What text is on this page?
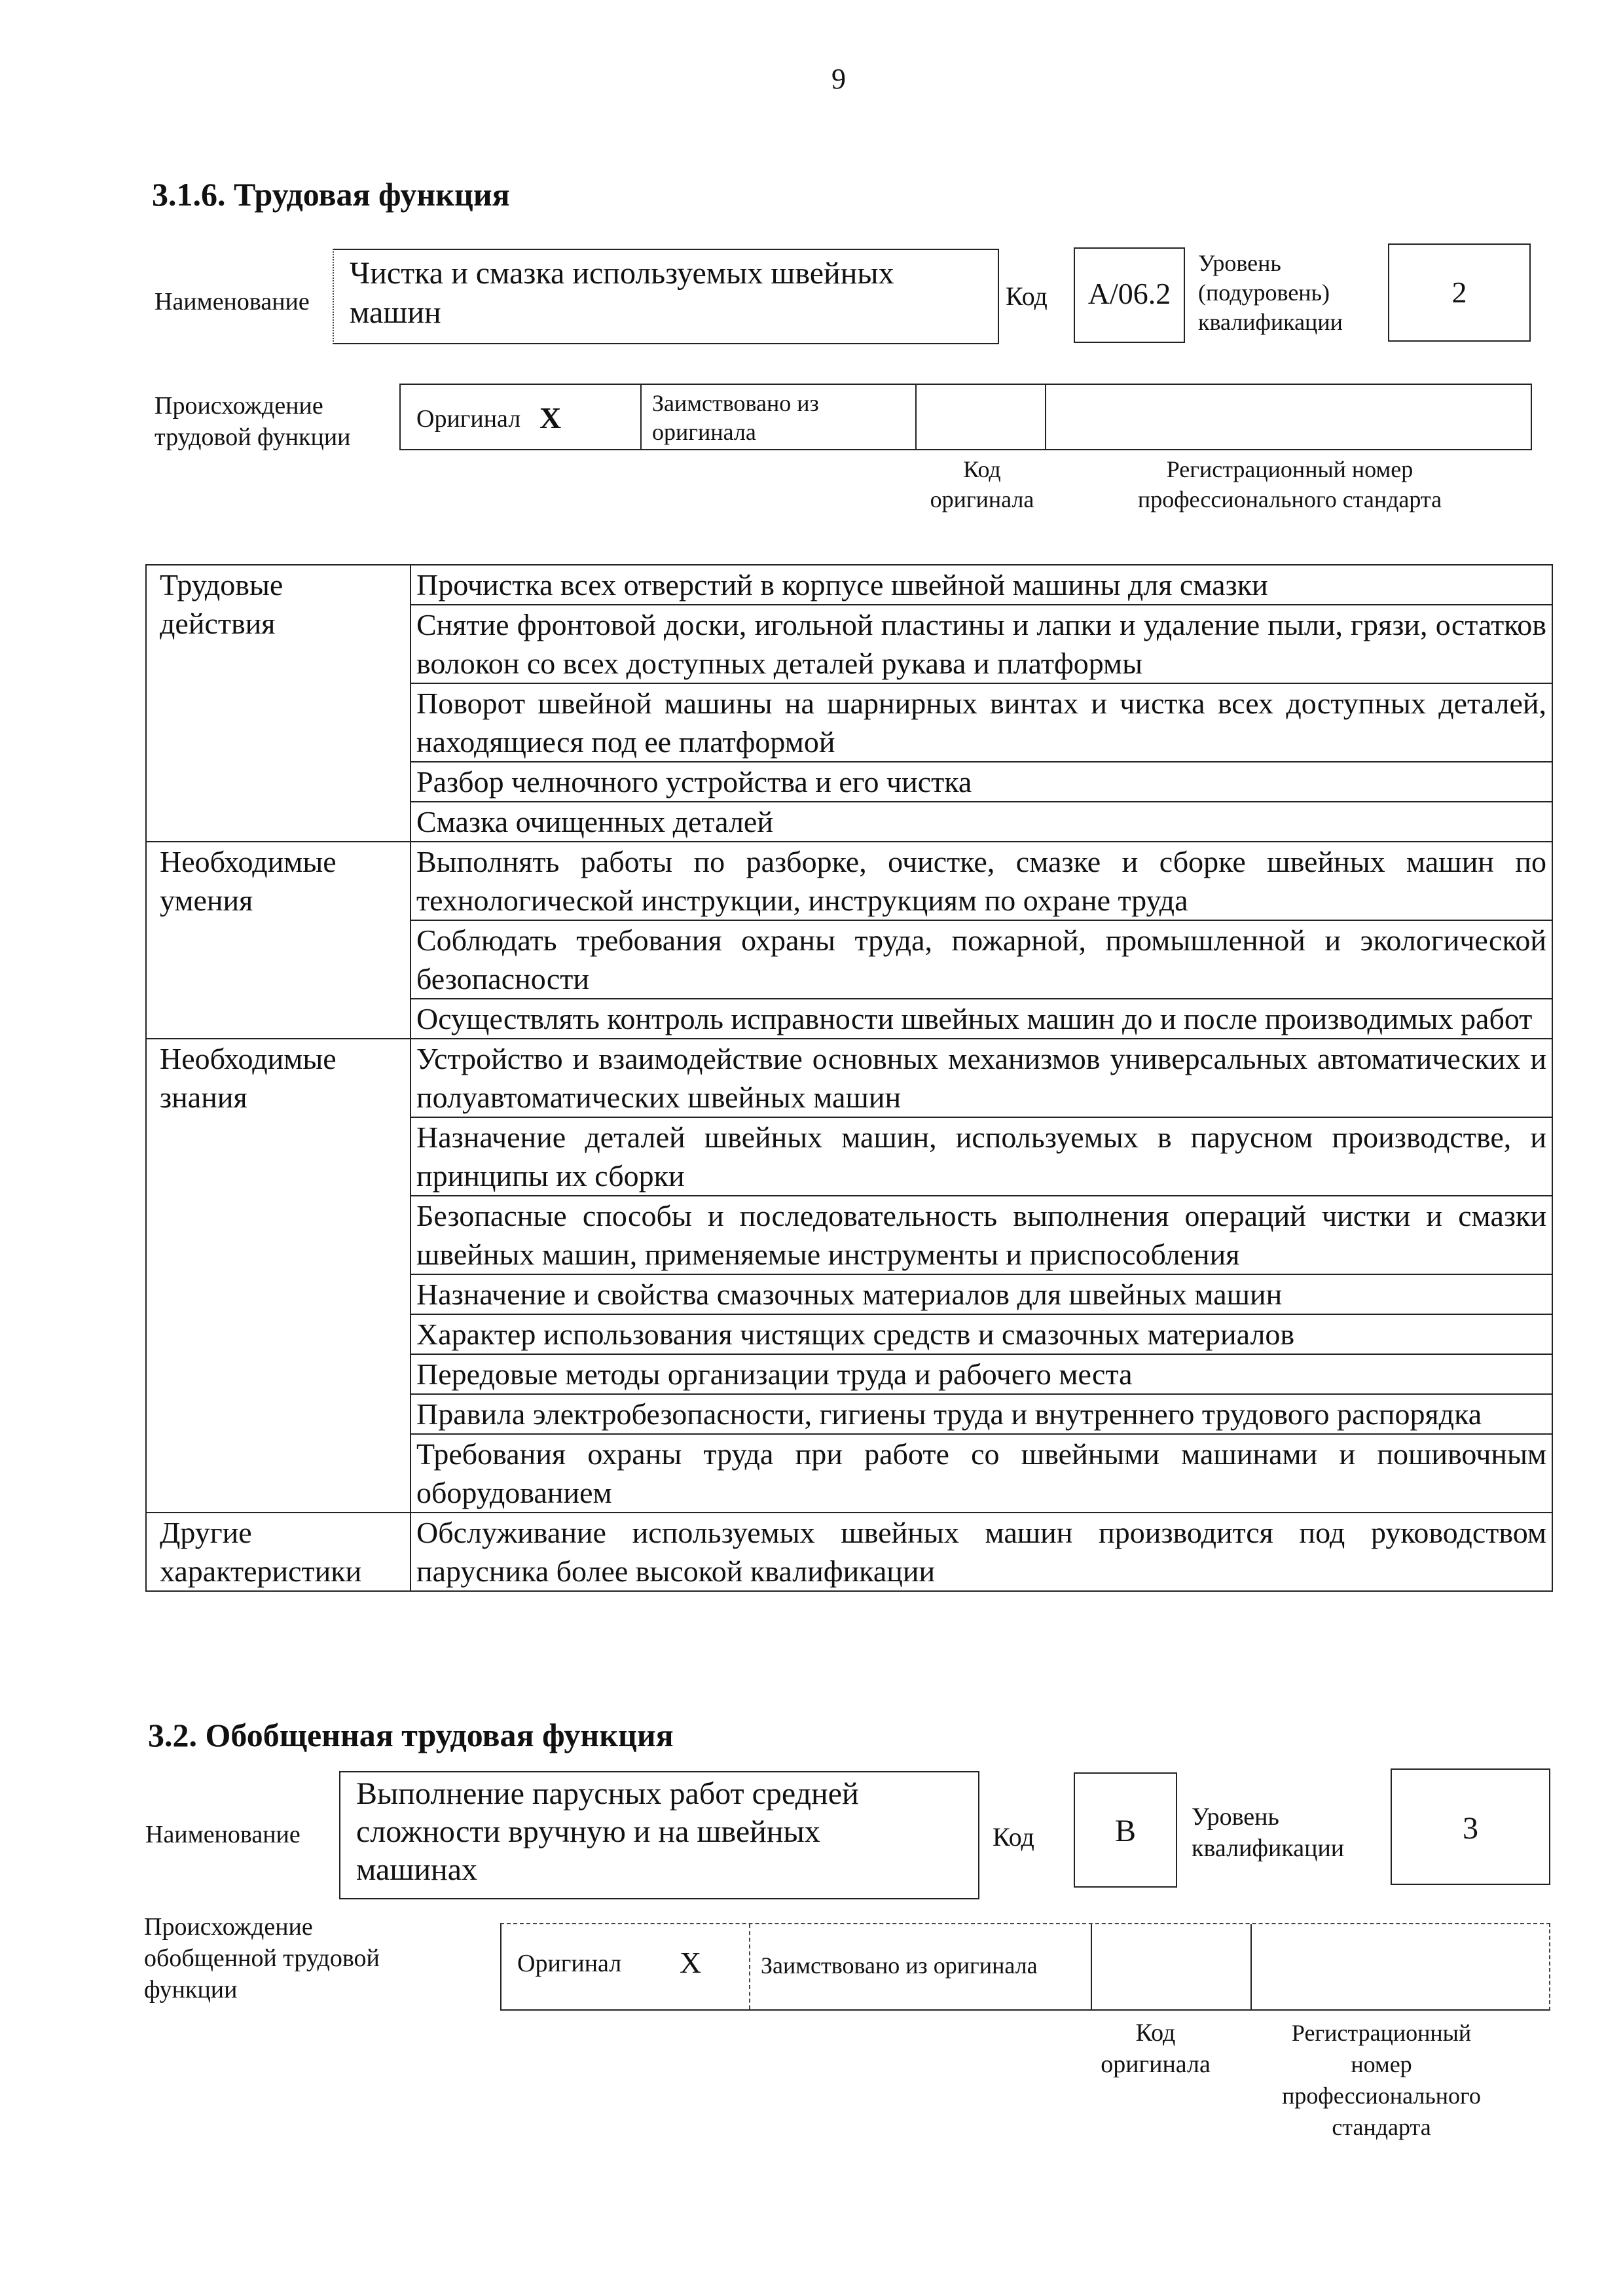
9
3.1.6. Трудовая функция
Наименование
Чистка и смазка используемых швейных
машин	Код	А/06.2
Уровень
(подуровень)
квалификации
2
Происхождение
трудовой функции
Оригинал X	Заимствовано из
оригинала
Код
оригинала
Регистрационный номер
профессионального стандарта
Трудовые
действия	Прочистка всех отверстий в корпусе швейной машины для смазки
	Снятие фронтовой доски, игольной пластины и лапки и удаление пыли, грязи, остатков волокон со всех доступных деталей рукава и платформы
	Поворот швейной машины на шарнирных винтах и чистка всех доступных деталей, находящиеся под ее платформой
	Разбор челночного устройства и его чистка
	Смазка очищенных деталей

Необходимые
умения	Выполнять работы по разборке, очистке, смазке и сборке швейных машин по технологической инструкции, инструкциям по охране труда
	Соблюдать требования охраны труда, пожарной, промышленной и экологической безопасности
	Осуществлять контроль исправности швейных машин до и после производимых работ

Необходимые
знания	Устройство и взаимодействие основных механизмов универсальных автоматических и полуавтоматических швейных машин
	Назначение деталей швейных машин, используемых в парусном производстве, и принципы их сборки
	Безопасные способы и последовательность выполнения операций чистки и смазки швейных машин, применяемые инструменты и приспособления
	Назначение и свойства смазочных материалов для швейных машин
	Характер использования чистящих средств и смазочных материалов
	Передовые методы организации труда и рабочего места
	Правила электробезопасности, гигиены труда и внутреннего трудового распорядка
	Требования охраны труда при работе со швейными машинами и пошивочным оборудованием

Другие
характеристики	Обслуживание используемых швейных машин производится под руководством парусника более высокой квалификации
3.2. Обобщенная трудовая функция
Наименование
Выполнение парусных работ средней
сложности вручную и на швейных
машинах
Код	В	Уровень
квалификации
3
Происхождение
обобщенной трудовой
функции
Оригинал X	Заимствовано из оригинала
Код
оригинала
Регистрационный
номер
профессионального
стандарта
